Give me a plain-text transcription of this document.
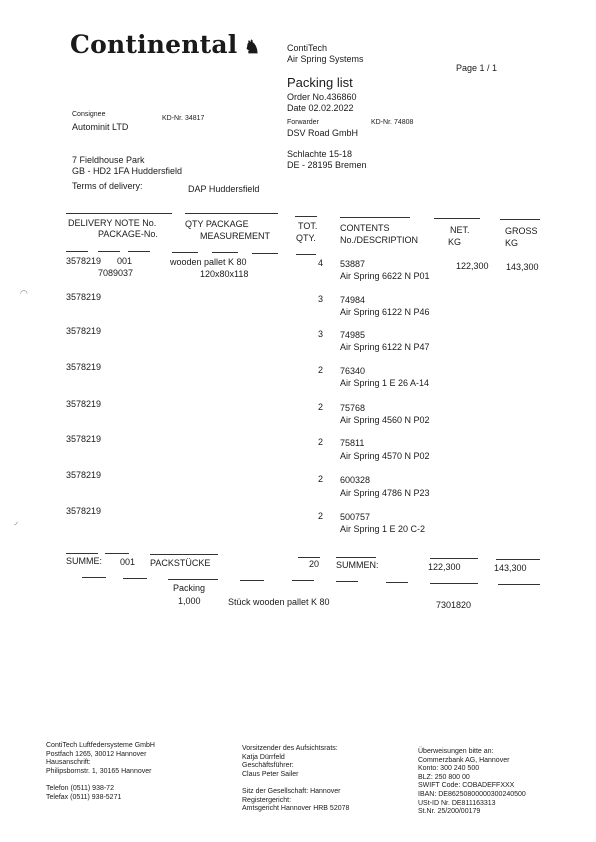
Continental ♞	ContiTech
Air Spring Systems
Page 1 / 1
Packing list
Order No.436860
Date 02.02.2022
Consignee
KD-Nr. 34817
Autominit LTD
7 Fieldhouse Park
GB - HD2 1FA Huddersfield
Forwarder	KD-Nr. 74808
DSV Road GmbH
Schlachte 15-18
DE - 28195 Bremen
Terms of delivery:	DAP Huddersfield
DELIVERY NOTE No.
PACKAGE-No.
QTY PACKAGE
MEASUREMENT
TOT.
QTY.
CONTENTS
No./DESCRIPTION
NET.
KG
GROSS
KG
3578219 001	wooden pallet K 80
7089037	120x80x118
4 53887
Air Spring 6622 N P01
122,300 143,300
3578219	3 74984
Air Spring 6122 N P46
3578219	3 74985
Air Spring 6122 N P47
3578219	2 76340
Air Spring 1 E 26 A-14
3578219	2 75768
Air Spring 4560 N P02
3578219	2 75811
Air Spring 4570 N P02
3578219	2 600328
Air Spring 4786 N P23
3578219	2 500757
Air Spring 1 E 20 C-2
◠
◞
SUMME: 001 PACKSTÜCKE	20 SUMMEN:	122,300	143,300
Packing
1,000	Stück wooden pallet K 80	7301820
ContiTech Luftfedersysteme GmbH
Postfach 1265, 30012 Hannover
Hausanschrift:
Philipsbornstr. 1, 30165 Hannover

Telefon (0511) 938-72
Telefax (0511) 938-5271
Vorsitzender des Aufsichtsrats:
Katja Dürrfeld
Geschäftsführer:
Claus Peter Sailer

Sitz der Gesellschaft: Hannover
Registergericht:
Amtsgericht Hannover HRB 52078
Überweisungen bitte an:
Commerzbank AG, Hannover
Konto: 300 240 500
BLZ: 250 800 00
SWIFT Code: COBADEFFXXX
IBAN: DE86250800000300240500
USt-ID Nr. DE811163313
St.Nr. 25/200/00179
